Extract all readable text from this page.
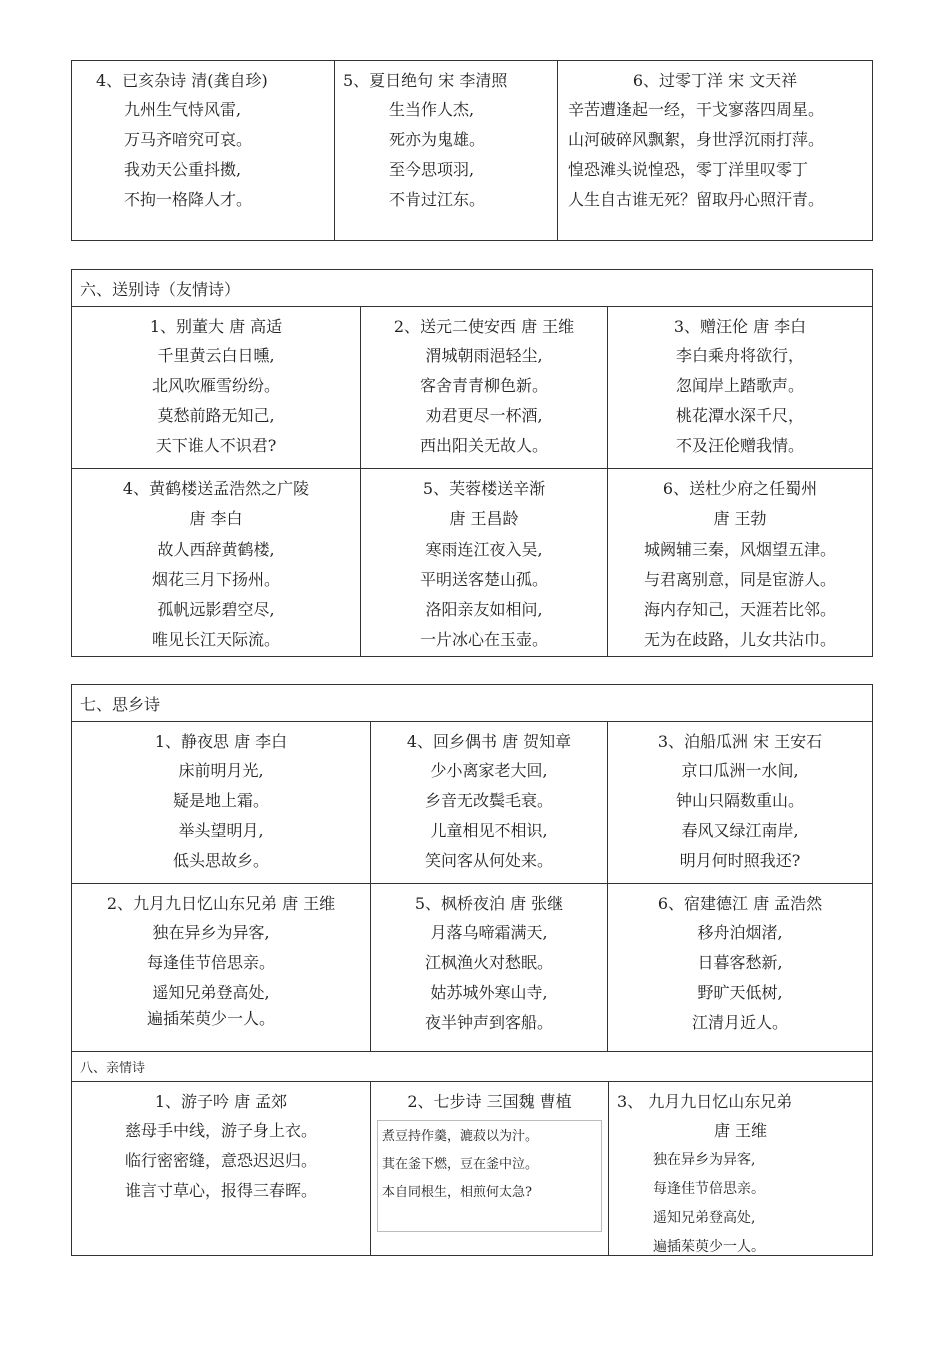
4、已亥杂诗 清(龚自珍)
九州生气恃风雷,
万马齐喑究可哀。
我劝天公重抖擞,
不拘一格降人才。
5、夏日绝句 宋 李清照
生当作人杰,
死亦为鬼雄。
至今思项羽,
不肯过江东。
6、过零丁洋 宋 文天祥
辛苦遭逢起一经，干戈寥落四周星。
山河破碎风飘絮，身世浮沉雨打萍。
惶恐滩头说惶恐，零丁洋里叹零丁
人生自古谁无死？留取丹心照汗青。
六、送别诗（友情诗）
1、别董大 唐 高适
千里黄云白日曛,
北风吹雁雪纷纷。
莫愁前路无知己,
天下谁人不识君?
2、送元二使安西 唐 王维
渭城朝雨浥轻尘,
客舍青青柳色新。
劝君更尽一杯酒,
西出阳关无故人。
3、赠汪伦 唐 李白
李白乘舟将欲行，
忽闻岸上踏歌声。
桃花潭水深千尺，
不及汪伦赠我情。
4、黄鹤楼送孟浩然之广陵
唐 李白
故人西辞黄鹤楼,
烟花三月下扬州。
孤帆远影碧空尽,
唯见长江天际流。
5、芙蓉楼送辛渐
唐 王昌龄
寒雨连江夜入吴,
平明送客楚山孤。
洛阳亲友如相问,
一片冰心在玉壶。
6、送杜少府之任蜀州
唐 王勃
城阙辅三秦，风烟望五津。
与君离别意，同是宦游人。
海内存知己，天涯若比邻。
无为在歧路，儿女共沾巾。
七、思乡诗
1、静夜思 唐 李白
床前明月光,
疑是地上霜。
举头望明月,
低头思故乡。
4、回乡偶书 唐 贺知章
少小离家老大回,
乡音无改鬓毛衰。
儿童相见不相识,
笑问客从何处来。
3、泊船瓜洲 宋 王安石
京口瓜洲一水间,
钟山只隔数重山。
春风又绿江南岸,
明月何时照我还?
2、九月九日忆山东兄弟 唐 王维
独在异乡为异客,
每逢佳节倍思亲。
遥知兄弟登高处,
遍插茱萸少一人。
5、枫桥夜泊 唐 张继
月落乌啼霜满天,
江枫渔火对愁眠。
姑苏城外寒山寺,
夜半钟声到客船。
6、宿建德江 唐 孟浩然
移舟泊烟渚,
日暮客愁新,
野旷天低树,
江清月近人。
八、亲情诗
1、游子吟 唐 孟郊
慈母手中线，游子身上衣。
临行密密缝，意恐迟迟归。
谁言寸草心，报得三春晖。
2、七步诗 三国魏 曹植
煮豆持作羹，漉菽以为汁。
萁在釜下燃，豆在釜中泣。
本自同根生，相煎何太急?
3、 九月九日忆山东兄弟
唐 王维
独在异乡为异客,
每逢佳节倍思亲。
遥知兄弟登高处,
遍插茱萸少一人。
